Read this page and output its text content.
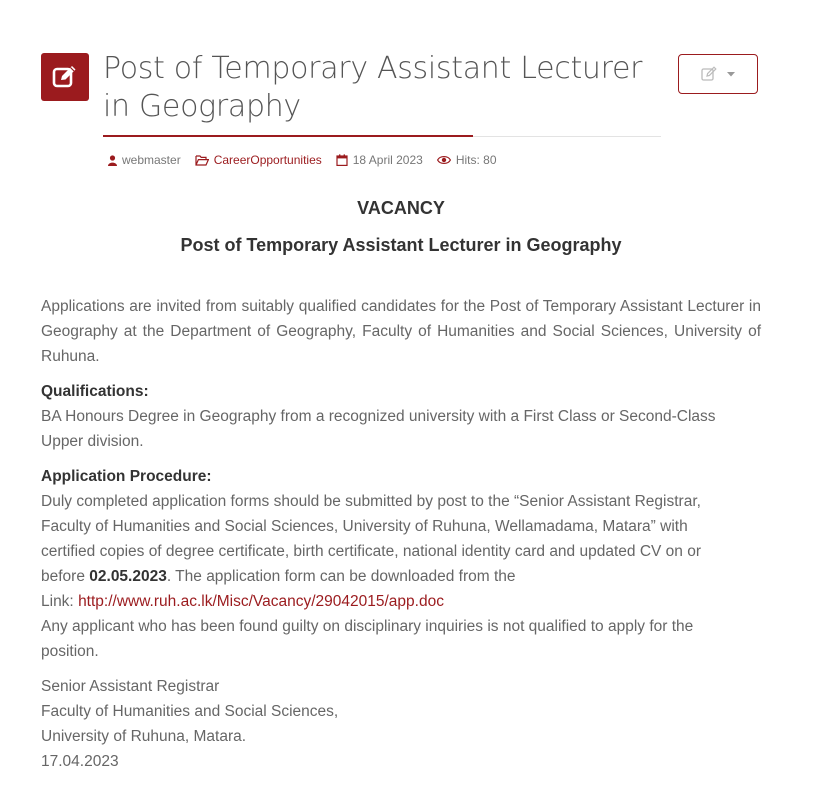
Post of Temporary Assistant Lecturer in Geography
webmaster	CareerOpportunities	18 April 2023	Hits: 80

VACANCY

Post of Temporary Assistant Lecturer in Geography

Applications are invited from suitably qualified candidates for the Post of Temporary Assistant Lecturer in Geography at the Department of Geography, Faculty of Humanities and Social Sciences, University of Ruhuna.

Qualifications:
BA Honours Degree in Geography from a recognized university with a First Class or Second-Class
Upper division.
Application Procedure:
Duly completed application forms should be submitted by post to the “Senior Assistant Registrar,
Faculty of Humanities and Social Sciences, University of Ruhuna, Wellamadama, Matara” with
certified copies of degree certificate, birth certificate, national identity card and updated CV on or
before 02.05.2023. The application form can be downloaded from the
Link: http://www.ruh.ac.lk/Misc/Vacancy/29042015/app.doc
Any applicant who has been found guilty on disciplinary inquiries is not qualified to apply for the
position.
Senior Assistant Registrar
Faculty of Humanities and Social Sciences,
University of Ruhuna, Matara.
17.04.2023
